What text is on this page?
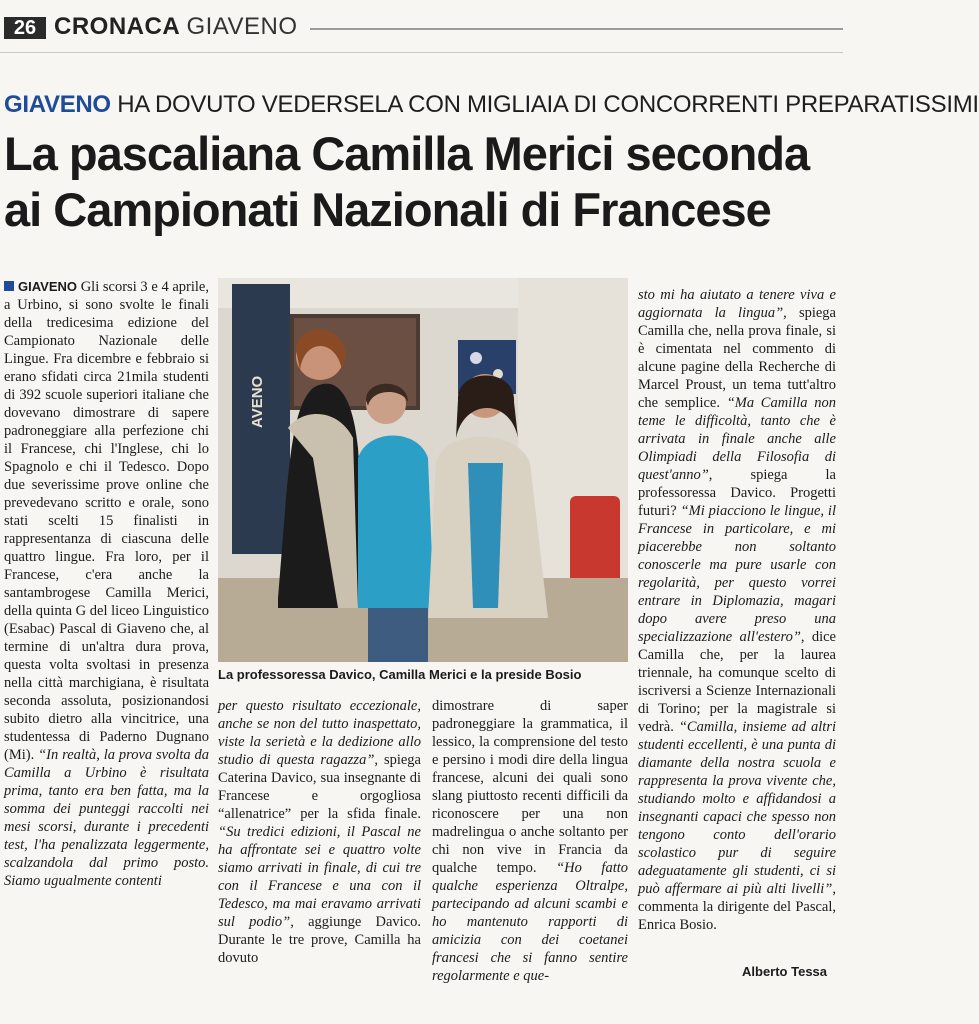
26 CRONACA GIAVENO
GIAVENO HA DOVUTO VEDERSELA CON MIGLIAIA DI CONCORRENTI PREPARATISSIMI
La pascaliana Camilla Merici seconda
ai Campionati Nazionali di Francese

GIAVENO Gli scorsi 3 e 4 aprile, a Urbino, si sono svolte le finali della tredicesima edizione del Campionato Nazionale delle Lingue. Fra dicembre e febbraio si erano sfidati circa 21mila studenti di 392 scuole superiori italiane che dovevano dimostrare di sapere padroneggiare alla perfezione chi il Francese, chi l'Inglese, chi lo Spagnolo e chi il Tedesco. Dopo due severissime prove online che prevedevano scritto e orale, sono stati scelti 15 finalisti in rappresentanza di ciascuna delle quattro lingue. Fra loro, per il Francese, c'era anche la santambrogese Camilla Merici, della quinta G del liceo Linguistico (Esabac) Pascal di Giaveno che, al termine di un'altra dura prova, questa volta svoltasi in presenza nella città marchigiana, è risultata seconda assoluta, posizionandosi subito dietro alla vincitrice, una studentessa di Paderno Dugnano (Mi). “In realtà, la prova svolta da Camilla a Urbino è risultata prima, tanto era ben fatta, ma la somma dei punteggi raccolti nei mesi scorsi, durante i precedenti test, l'ha penalizzata leggermente, scalzandola dal primo posto. Siamo ugualmente contenti

AVENO
La professoressa Davico, Camilla Merici e la preside Bosio

per questo risultato eccezionale, anche se non del tutto inaspettato, viste la serietà e la dedizione allo studio di questa ragazza”, spiega Caterina Davico, sua insegnante di Francese e orgogliosa “allenatrice” per la sfida finale. “Su tredici edizioni, il Pascal ne ha affrontate sei e quattro volte siamo arrivati in finale, di cui tre con il Francese e una con il Tedesco, ma mai eravamo arrivati sul podio”, aggiunge Davico. Durante le tre prove, Camilla ha dovuto

dimostrare di saper padroneggiare la grammatica, il lessico, la comprensione del testo e persino i modi dire della lingua francese, alcuni dei quali sono slang piuttosto recenti difficili da riconoscere per una non madrelingua o anche soltanto per chi non vive in Francia da qualche tempo. “Ho fatto qualche esperienza Oltralpe, partecipando ad alcuni scambi e ho mantenuto rapporti di amicizia con dei coetanei francesi che si fanno sentire regolarmente e que-

sto mi ha aiutato a tenere viva e aggiornata la lingua”, spiega Camilla che, nella prova finale, si è cimentata nel commento di alcune pagine della Recherche di Marcel Proust, un tema tutt'altro che semplice. “Ma Camilla non teme le difficoltà, tanto che è arrivata in finale anche alle Olimpiadi della Filosofia di quest'anno”, spiega la professoressa Davico. Progetti futuri? “Mi piacciono le lingue, il Francese in particolare, e mi piacerebbe non soltanto conoscerle ma pure usarle con regolarità, per questo vorrei entrare in Diplomazia, magari dopo avere preso una specializzazione all'estero”, dice Camilla che, per la laurea triennale, ha comunque scelto di iscriversi a Scienze Internazionali di Torino; per la magistrale si vedrà. “Camilla, insieme ad altri studenti eccellenti, è una punta di diamante della nostra scuola e rappresenta la prova vivente che, studiando molto e affidandosi a insegnanti capaci che spesso non tengono conto dell'orario scolastico pur di seguire adeguatamente gli studenti, ci si può affermare ai più alti livelli”, commenta la dirigente del Pascal, Enrica Bosio.

Alberto Tessa
